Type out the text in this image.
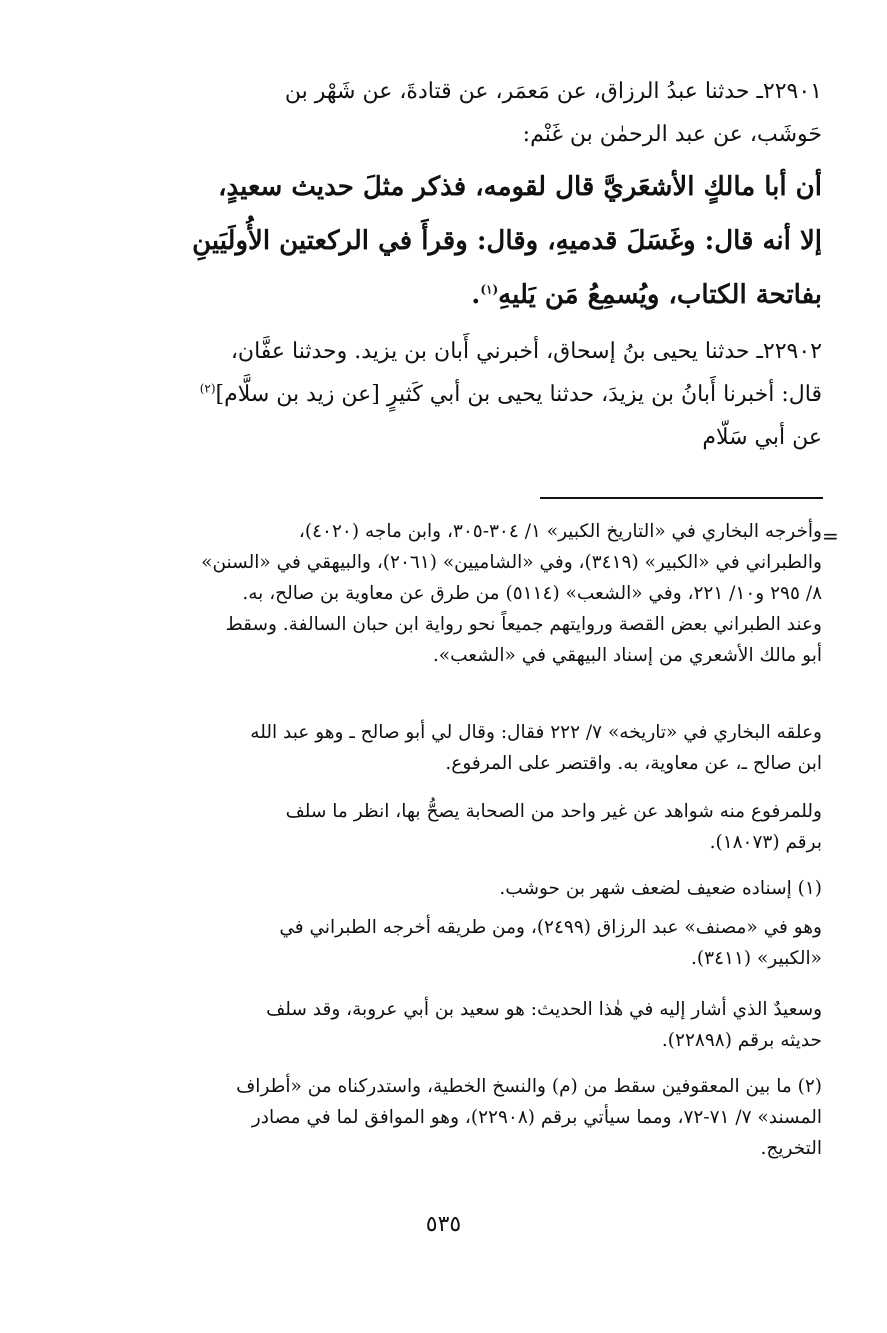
٢٢٩٠١ـ حدثنا عبدُ الرزاق، عن مَعمَر، عن قتادةَ، عن شَهْر بن
حَوشَب، عن عبد الرحمٰن بن غَنْم:
أن أبا مالكٍ الأشعَريَّ قال لقومه، فذكر مثلَ حديث سعيدٍ،
إلا أنه قال: وغَسَلَ قدميهِ، وقال: وقرأَ في الركعتين الأُولَيَينِ
بفاتحة الكتاب، ويُسمِعُ مَن يَليهِ$^{(١)}$.
٢٢٩٠٢ـ حدثنا يحيى بنُ إسحاق، أخبرني أَبان بن يزيد. وحدثنا عفَّان،
قال: أخبرنا أَبانُ بن يزيدَ، حدثنا يحيى بن أبي كَثيرٍ [عن زيد بن سلَّام]$^{(٢)}$
عن أبي سَلّام
=
وأخرجه البخاري في «التاريخ الكبير» ١/ ٣٠٤-٣٠٥، وابن ماجه (٤٠٢٠)،
والطبراني في «الكبير» (٣٤١٩)، وفي «الشاميين» (٢٠٦١)، والبيهقي في «السنن»
٨/ ٢٩٥ و١٠/ ٢٢١، وفي «الشعب» (٥١١٤) من طرق عن معاوية بن صالح، به.
وعند الطبراني بعض القصة وروايتهم جميعاً نحو رواية ابن حبان السالفة. وسقط
أبو مالك الأشعري من إسناد البيهقي في «الشعب».
وعلقه البخاري في «تاريخه» ٧/ ٢٢٢ فقال: وقال لي أبو صالح ـ وهو عبد الله
ابن صالح ـ، عن معاوية، به. واقتصر على المرفوع.
وللمرفوع منه شواهد عن غير واحد من الصحابة يصحُّ بها، انظر ما سلف
برقم (١٨٠٧٣).
(١) إسناده ضعيف لضعف شهر بن حوشب.
وهو في «مصنف» عبد الرزاق (٢٤٩٩)، ومن طريقه أخرجه الطبراني في
«الكبير» (٣٤١١).
وسعيدٌ الذي أشار إليه في هٰذا الحديث: هو سعيد بن أبي عروبة، وقد سلف
حديثه برقم (٢٢٨٩٨).
(٢) ما بين المعقوفين سقط من (م) والنسخ الخطية، واستدركناه من «أطراف
المسند» ٧/ ٧١-٧٢، ومما سيأتي برقم (٢٢٩٠٨)، وهو الموافق لما في مصادر
التخريج.
٥٣٥
